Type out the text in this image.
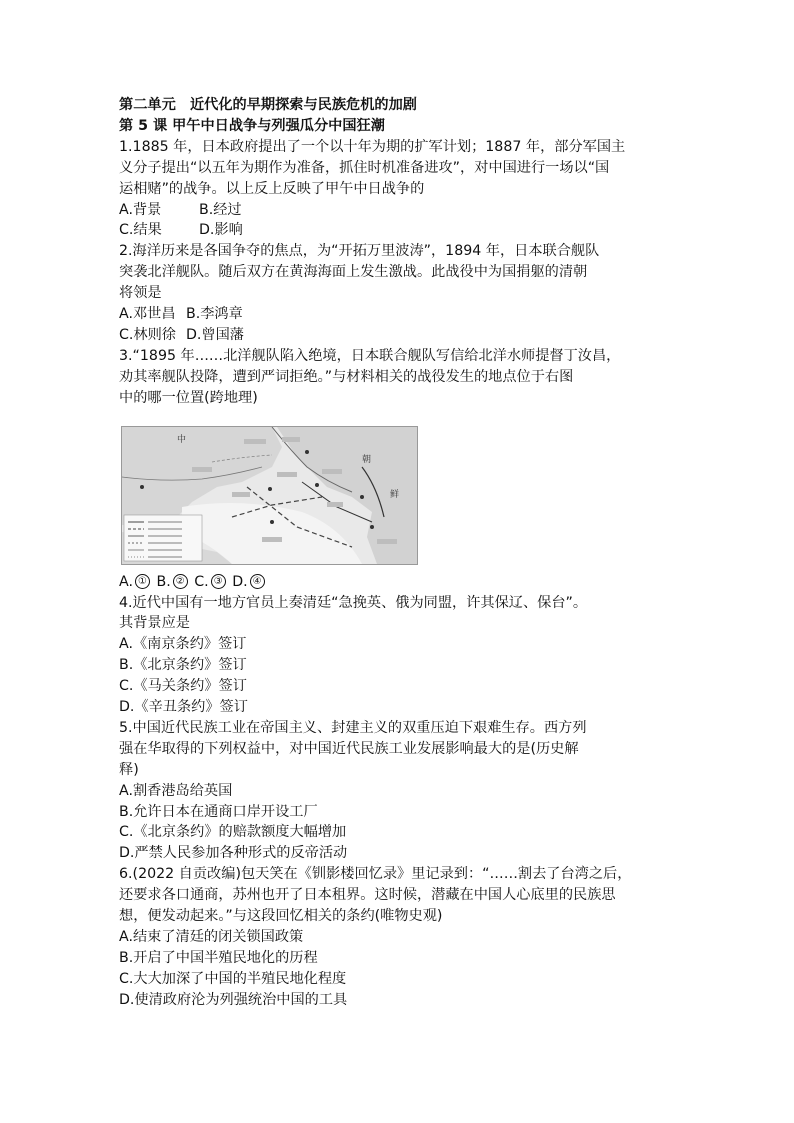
第二单元　近代化的早期探索与民族危机的加剧

第 5 课 甲午中日战争与列强瓜分中国狂潮

1.1885 年，日本政府提出了一个以十年为期的扩军计划；1887 年，部分军国主

义分子提出“以五年为期作为准备，抓住时机准备进攻”，对中国进行一场以“国

运相赌”的战争。以上反上反映了甲午中日战争的

A.背景	B.经过

C.结果	D.影响

2.海洋历来是各国争夺的焦点，为“开拓万里波涛”，1894 年，日本联合舰队

突袭北洋舰队。随后双方在黄海海面上发生激战。此战役中为国捐躯的清朝

将领是

A.邓世昌 B.李鸿章

C.林则徐 D.曾国藩

3.“1895 年……北洋舰队陷入绝境，日本联合舰队写信给北洋水师提督丁汝昌，

劝其率舰队投降，遭到严词拒绝。”与材料相关的战役发生的地点位于右图

中的哪一位置(跨地理)

中
朝
鲜

A. ① B. ② C. ③ D. ④

4.近代中国有一地方官员上奏清廷“急挽英、俄为同盟，许其保辽、保台”。

其背景应是

A.《南京条约》签订

B.《北京条约》签订

C.《马关条约》签订

D.《辛丑条约》签订

5.中国近代民族工业在帝国主义、封建主义的双重压迫下艰难生存。西方列

强在华取得的下列权益中，对中国近代民族工业发展影响最大的是(历史解

释)

A.割香港岛给英国

B.允许日本在通商口岸开设工厂

C.《北京条约》的赔款额度大幅增加

D.严禁人民参加各种形式的反帝活动

6.(2022 自贡改编)包天笑在《钏影楼回忆录》里记录到：“……割去了台湾之后，

还要求各口通商，苏州也开了日本租界。这时候，潜藏在中国人心底里的民族思

想，便发动起来。”与这段回忆相关的条约(唯物史观)

A.结束了清廷的闭关锁国政策

B.开启了中国半殖民地化的历程

C.大大加深了中国的半殖民地化程度

D.使清政府沦为列强统治中国的工具
